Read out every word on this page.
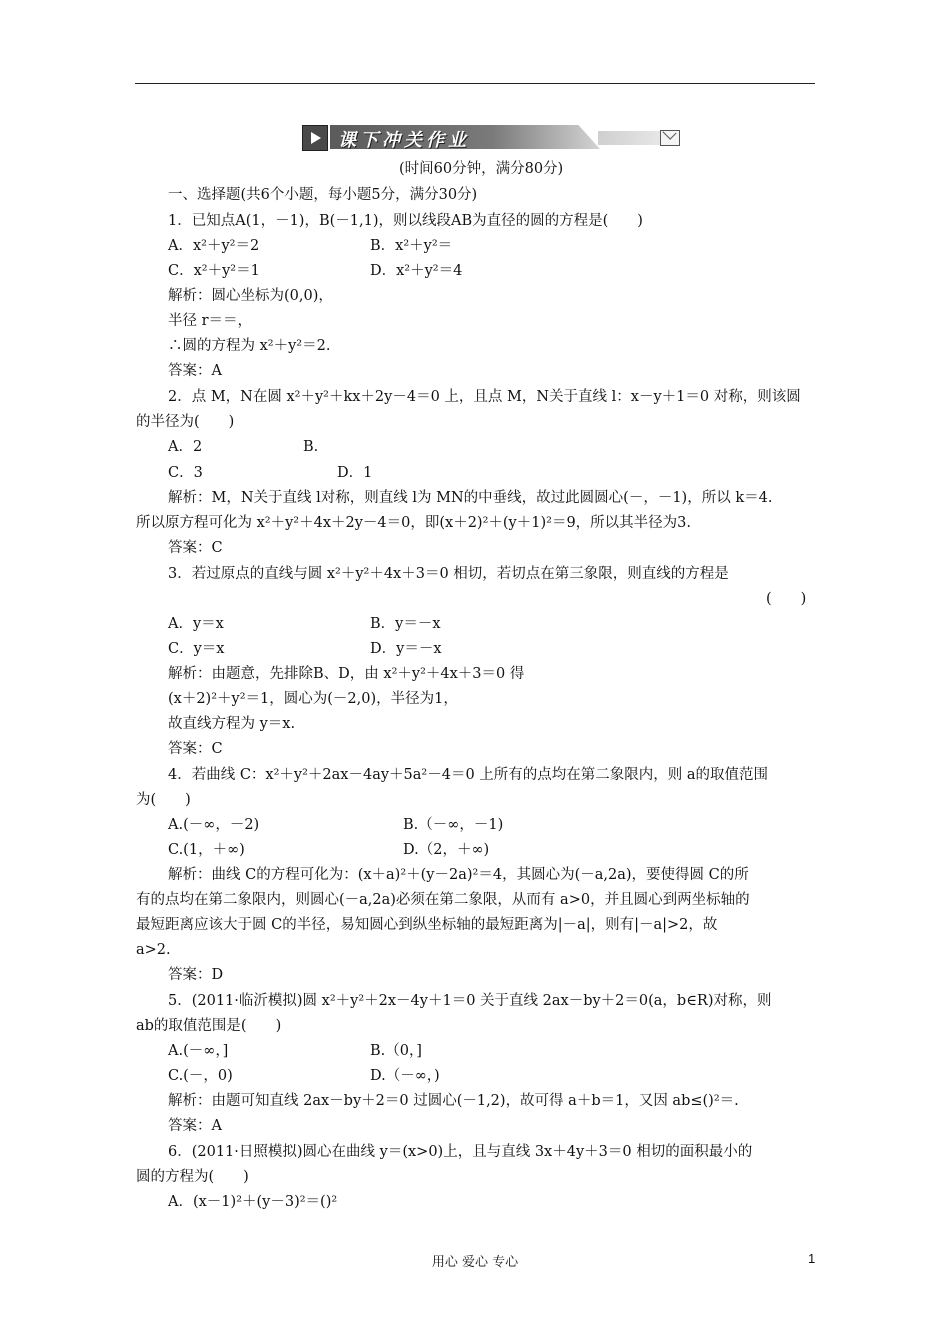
课下冲关作业
(时间60分钟，满分80分)
一、选择题(共6个小题，每小题5分，满分30分)
1．已知点A(1，－1)，B(－1,1)，则以线段AB为直径的圆的方程是(　　)
A．x²＋y²＝2	B．x²＋y²＝
C．x²＋y²＝1	D．x²＋y²＝4
解析：圆心坐标为(0,0)，
半径 r＝＝，
∴圆的方程为 x²＋y²＝2.
答案：A
2．点 M，N在圆 x²＋y²＋kx＋2y－4＝0 上，且点 M，N关于直线 l：x－y＋1＝0 对称，则该圆
的半径为(　　)
A．2	B.
C．3	D．1
解析：M，N关于直线 l对称，则直线 l为 MN的中垂线，故过此圆圆心(－，－1)，所以 k＝4.
所以原方程可化为 x²＋y²＋4x＋2y－4＝0，即(x＋2)²＋(y＋1)²＝9，所以其半径为3.
答案：C
3．若过原点的直线与圆 x²＋y²＋4x＋3＝0 相切，若切点在第三象限，则直线的方程是
(　　)
A．y＝x	B．y＝－x
C．y＝x	D．y＝－x
解析：由题意，先排除B、D，由 x²＋y²＋4x＋3＝0 得
(x＋2)²＋y²＝1，圆心为(－2,0)，半径为1，
故直线方程为 y＝x.
答案：C
4．若曲线 C：x²＋y²＋2ax－4ay＋5a²－4＝0 上所有的点均在第二象限内，则 a的取值范围
为(　　)
A.(－∞，－2)	B.（－∞，－1)
C.(1，＋∞)	D.（2，＋∞)
解析：曲线 C的方程可化为：(x＋a)²＋(y－2a)²＝4，其圆心为(－a,2a)，要使得圆 C的所
有的点均在第二象限内，则圆心(－a,2a)必须在第二象限，从而有 a>0，并且圆心到两坐标轴的
最短距离应该大于圆 C的半径，易知圆心到纵坐标轴的最短距离为|－a|，则有|－a|>2，故
a>2.
答案：D
5．(2011·临沂模拟)圆 x²＋y²＋2x－4y＋1＝0 关于直线 2ax－by＋2＝0(a，b∈R)对称，则
ab的取值范围是(　　)
A.(－∞，]	B.（0，]
C.(－，0)	D.（－∞，)
解析：由题可知直线 2ax－by＋2＝0 过圆心(－1,2)，故可得 a＋b＝1，又因 ab≤()²＝.
答案：A
6．(2011·日照模拟)圆心在曲线 y＝(x>0)上，且与直线 3x＋4y＋3＝0 相切的面积最小的
圆的方程为(　　)
A．(x－1)²＋(y－3)²＝()²
用心 爱心 专心	1
